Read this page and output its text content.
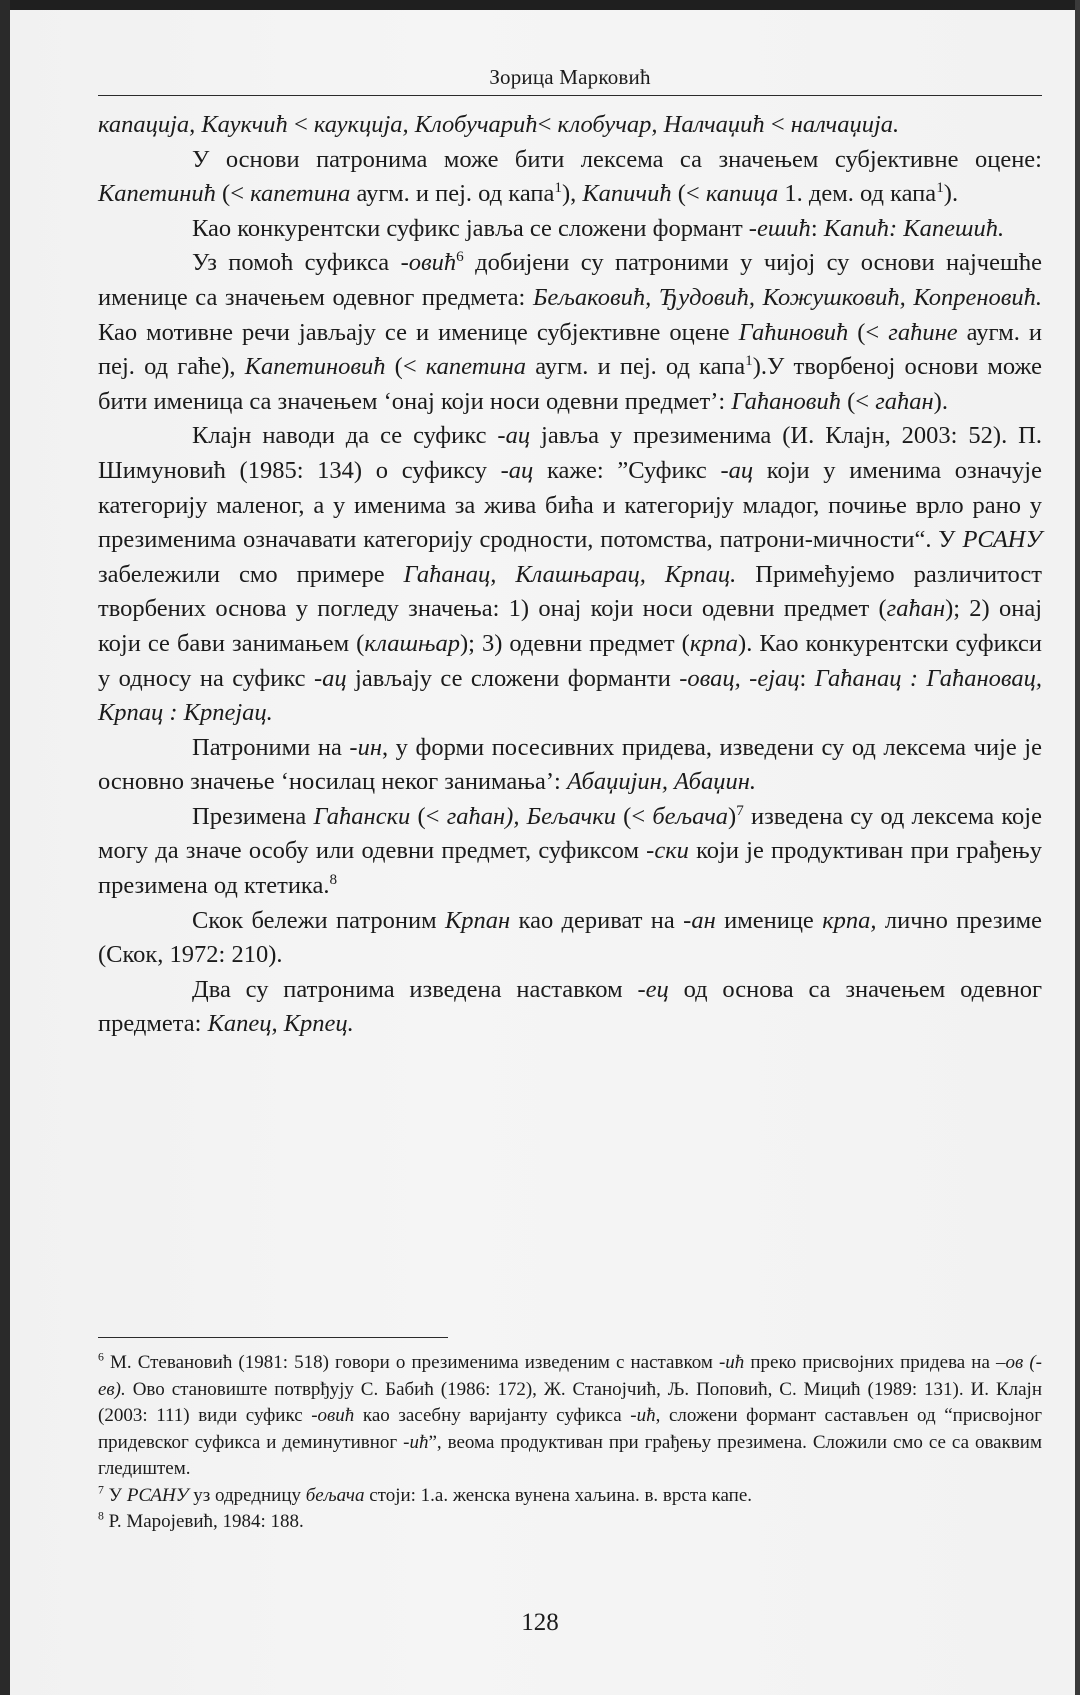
Зорица Марковић

капацијa, Каукчић < каукција, Клобучарић< клобучар, Налчаџић < налчаџија.

У основи патронима може бити лексема са значењем субјективне оцене: Капетинић (< капетина аугм. и пеј. од капа$^1$), Капичић (< капица 1. дем. од капа$^1$).

Као конкурентски суфикс јавља се сложени формант -ешић: Капић: Капешић.

Уз помоћ суфикса -овић$^6$ добијени су патроними у чијој су основи најчешће именице са значењем одевног предмета: Бељаковић, Ђудовић, Кожушковић, Копреновић. Као мотивне речи јављају се и именице субјективне оцене Гаћиновић (< гаћине аугм. и пеј. од гаће), Капетиновић (< капетина аугм. и пеј. од капа$^1$).У творбеној основи може бити именица са значењем ‘онај који носи одевни предмет’: Гаћановић (< гаћан).

Клајн наводи да се суфикс -ац јавља у презименима (И. Клајн, 2003: 52). П. Шимуновић (1985: 134) о суфиксу -ац каже: ”Суфикс -ац који у именима означује категорију маленог, а у именима за жива бића и категорију младог, почиње врло рано у презименима означавати категорију сродности, потомства, патрони-мичности“. У РСАНУ забележили смо примере Гаћанац, Клашњарац, Крпац. Примећујемо различитост творбених основа у погледу значења: 1) онај који носи одевни предмет (гаћан); 2) онај који се бави занимањем (клашњар); 3) одевни предмет (крпа). Као конкурентски суфикси у односу на суфикс -ац јављају се сложени форманти -овац, -ејац: Гаћанац : Гаћановац, Крпац : Крпејац.

Патроними на -ин, у форми посесивних придева, изведени су од лексема чије је основно значење ‘носилац неког занимања’: Абаџијин, Абаџин.

Презимена Гаћански (< гаћан), Бељачки (< бељача)$^7$ изведена су од лексема које могу да значе особу или одевни предмет, суфиксом -ски који је продуктиван при грађењу презимена од ктетика.$^8$

Скок бележи патроним Крпан као дериват на -ан именице крпа, лично презиме (Скок, 1972: 210).

Два су патронима изведена наставком -ец од основа са значењем одевног предмета: Капец, Крпец.

$^6$ М. Стевановић (1981: 518) говори о презименима изведеним с наставком -ић преко присвојних придева на –ов (-ев). Ово становиште потврђују С. Бабић (1986: 172), Ж. Станојчић, Љ. Поповић, С. Мицић (1989: 131). И. Клајн (2003: 111) види суфикс -овић као засебну варијанту суфикса -ић, сложени формант састављен од “присвојног придевског суфикса и деминутивног -ић”, веома продуктиван при грађењу презимена. Сложили смо се са оваквим гледиштем.

$^7$ У РСАНУ уз одредницу бељача стоји: 1.а. женска вунена хаљина. в. врста капе.

$^8$ Р. Маројевић, 1984: 188.

128
